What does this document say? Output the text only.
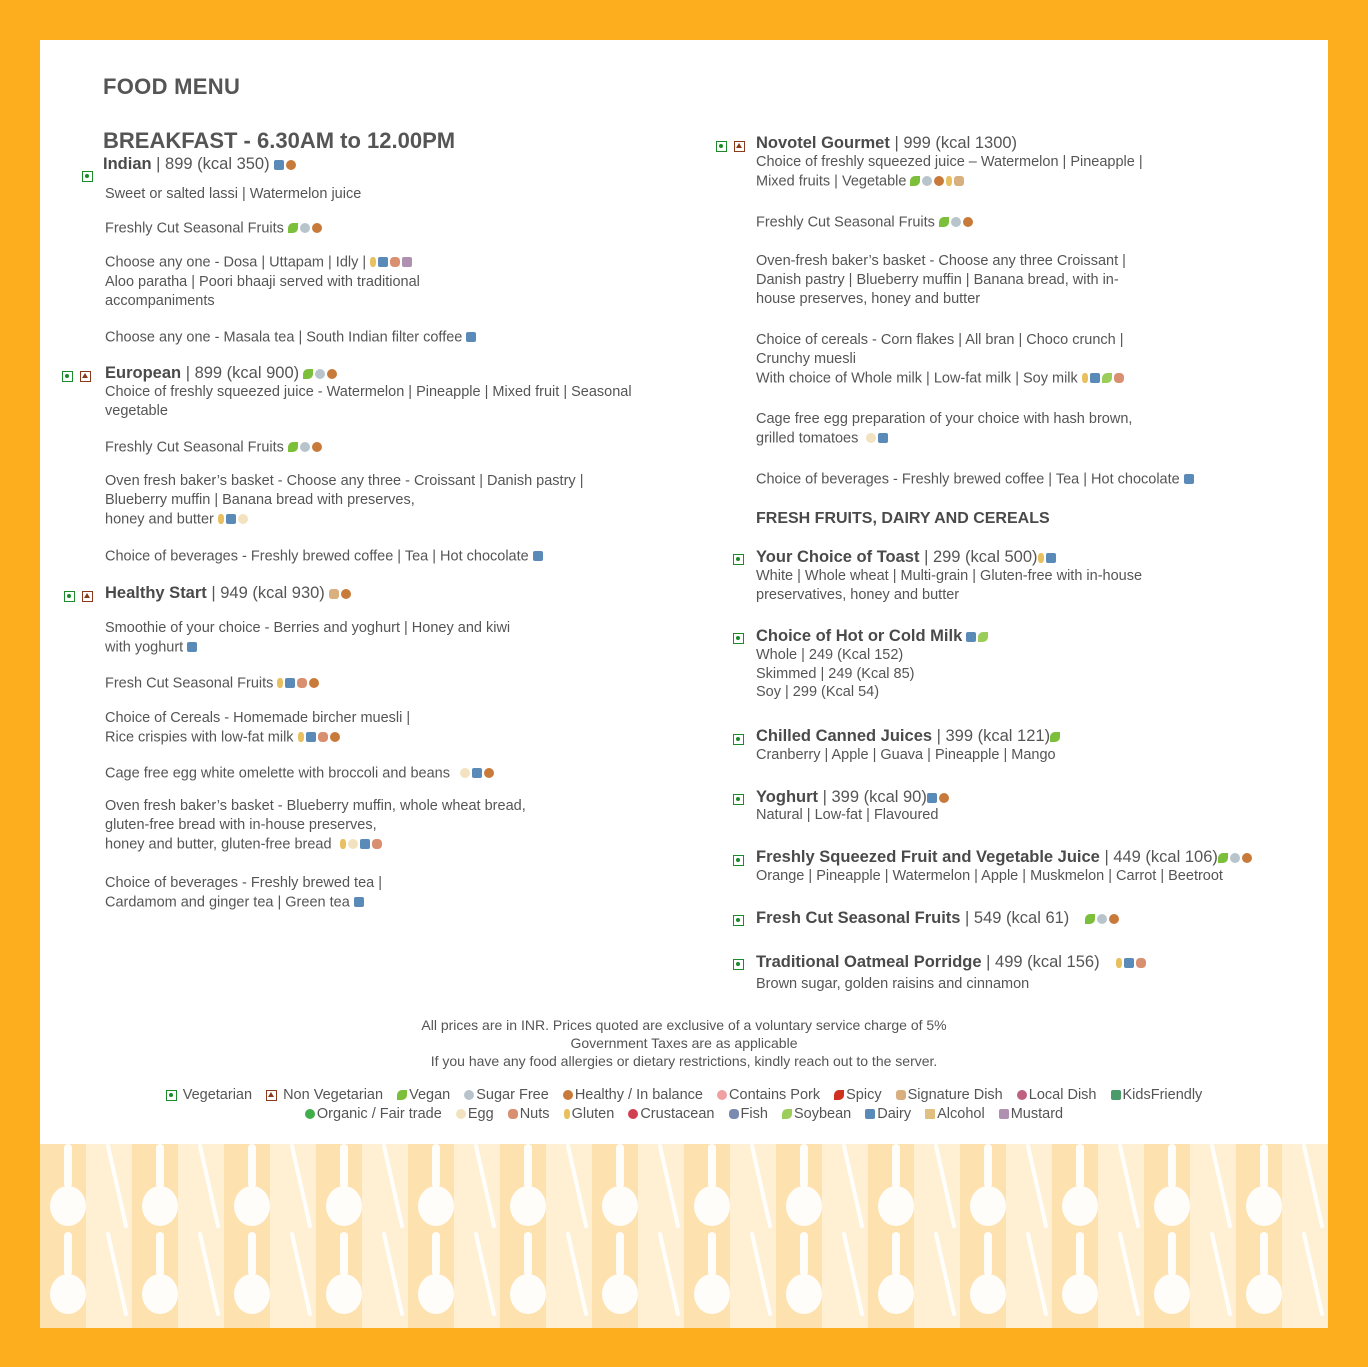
FOOD MENU
BREAKFAST - 6.30AM to 12.00PM
Indian | 899 (kcal 350)
Sweet or salted lassi | Watermelon juice
Freshly Cut Seasonal Fruits
Choose any one - Dosa | Uttapam | Idly |
Aloo paratha | Poori bhaaji served with traditional
accompaniments
Choose any one - Masala tea | South Indian filter coffee
European | 899 (kcal 900)
Choice of freshly squeezed juice - Watermelon | Pineapple | Mixed fruit | Seasonal
vegetable
Freshly Cut Seasonal Fruits
Oven fresh baker’s basket - Choose any three - Croissant | Danish pastry |
Blueberry muffin | Banana bread with preserves,
honey and butter
Choice of beverages - Freshly brewed coffee | Tea | Hot chocolate
Healthy Start | 949 (kcal 930)
Smoothie of your choice - Berries and yoghurt | Honey and kiwi
with yoghurt
Fresh Cut Seasonal Fruits
Choice of Cereals - Homemade bircher muesli |
Rice crispies with low-fat milk
Cage free egg white omelette with broccoli and beans
Oven fresh baker’s basket - Blueberry muffin, whole wheat bread,
gluten-free bread with in-house preserves,
honey and butter, gluten-free bread
Choice of beverages - Freshly brewed tea |
Cardamom and ginger tea | Green tea
Novotel Gourmet | 999 (kcal 1300)
Choice of freshly squeezed juice – Watermelon | Pineapple |
Mixed fruits | Vegetable
Freshly Cut Seasonal Fruits
Oven-fresh baker’s basket - Choose any three Croissant |
Danish pastry | Blueberry muffin | Banana bread, with in-
house preserves, honey and butter
Choice of cereals - Corn flakes | All bran | Choco crunch |
Crunchy muesli
With choice of Whole milk | Low-fat milk | Soy milk
Cage free egg preparation of your choice with hash brown,
grilled tomatoes
Choice of beverages - Freshly brewed coffee | Tea | Hot chocolate
FRESH FRUITS, DAIRY AND CEREALS
Your Choice of Toast | 299 (kcal 500)
White | Whole wheat | Multi-grain | Gluten-free with in-house
preservatives, honey and butter
Choice of Hot or Cold Milk
Whole | 249 (Kcal 152)
Skimmed | 249 (Kcal 85)
Soy | 299 (Kcal 54)
Chilled Canned Juices | 399 (kcal 121)
Cranberry | Apple | Guava | Pineapple | Mango
Yoghurt | 399 (kcal 90)
Natural | Low-fat | Flavoured
Freshly Squeezed Fruit and Vegetable Juice | 449 (kcal 106)
Orange | Pineapple | Watermelon | Apple | Muskmelon | Carrot | Beetroot
Fresh Cut Seasonal Fruits | 549 (kcal 61)
Traditional Oatmeal Porridge | 499 (kcal 156)
Brown sugar, golden raisins and cinnamon
All prices are in INR. Prices quoted are exclusive of a voluntary service charge of 5%
Government Taxes are as applicable
If you have any food allergies or dietary restrictions, kindly reach out to the server.
Vegetarian Non Vegetarian Vegan Sugar Free Healthy / In balance Contains Pork Spicy Signature Dish Local Dish KidsFriendly
Organic / Fair trade Egg Nuts Gluten Crustacean Fish Soybean Dairy Alcohol Mustard
